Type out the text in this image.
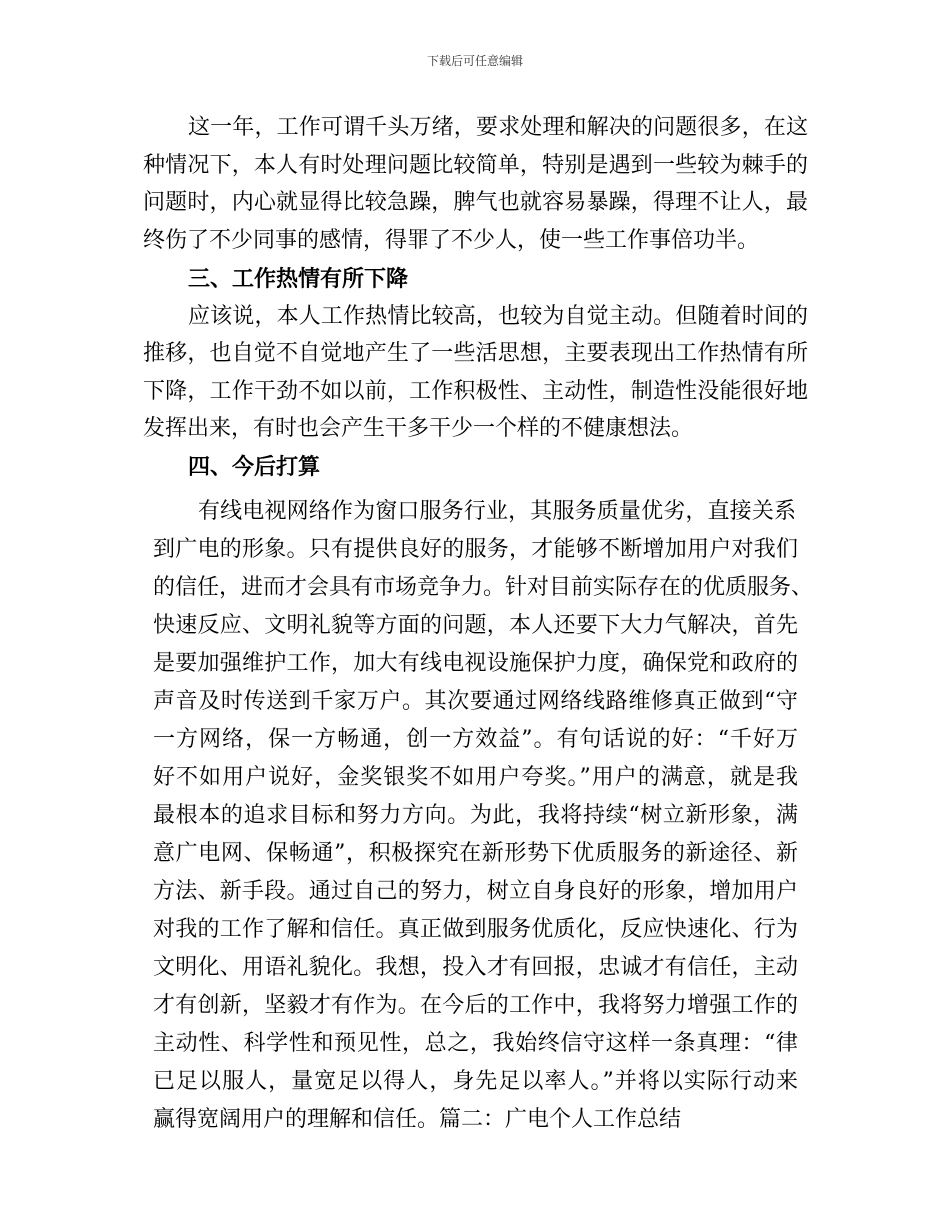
下载后可任意编辑
这一年，工作可谓千头万绪，要求处理和解决的问题很多，在这
种情况下，本人有时处理问题比较简单，特别是遇到一些较为棘手的
问题时，内心就显得比较急躁，脾气也就容易暴躁，得理不让人，最
终伤了不少同事的感情，得罪了不少人，使一些工作事倍功半。
三、工作热情有所下降
应该说，本人工作热情比较高，也较为自觉主动。但随着时间的
推移，也自觉不自觉地产生了一些活思想，主要表现出工作热情有所
下降，工作干劲不如以前，工作积极性、主动性，制造性没能很好地
发挥出来，有时也会产生干多干少一个样的不健康想法。
四、今后打算
有线电视网络作为窗口服务行业，其服务质量优劣，直接关系
到广电的形象。只有提供良好的服务，才能够不断增加用户对我们
的信任，进而才会具有市场竞争力。针对目前实际存在的优质服务、
快速反应、文明礼貌等方面的问题，本人还要下大力气解决，首先
是要加强维护工作，加大有线电视设施保护力度，确保党和政府的
声音及时传送到千家万户。其次要通过网络线路维修真正做到“守
一方网络，保一方畅通，创一方效益”。有句话说的好：“千好万
好不如用户说好，金奖银奖不如用户夸奖。”用户的满意，就是我
最根本的追求目标和努力方向。为此，我将持续“树立新形象，满
意广电网、保畅通”，积极探究在新形势下优质服务的新途径、新
方法、新手段。通过自己的努力，树立自身良好的形象，增加用户
对我的工作了解和信任。真正做到服务优质化，反应快速化、行为
文明化、用语礼貌化。我想，投入才有回报，忠诚才有信任，主动
才有创新，坚毅才有作为。在今后的工作中，我将努力增强工作的
主动性、科学性和预见性，总之，我始终信守这样一条真理：“律
已足以服人，量宽足以得人，身先足以率人。”并将以实际行动来
赢得宽阔用户的理解和信任。篇二：广电个人工作总结
